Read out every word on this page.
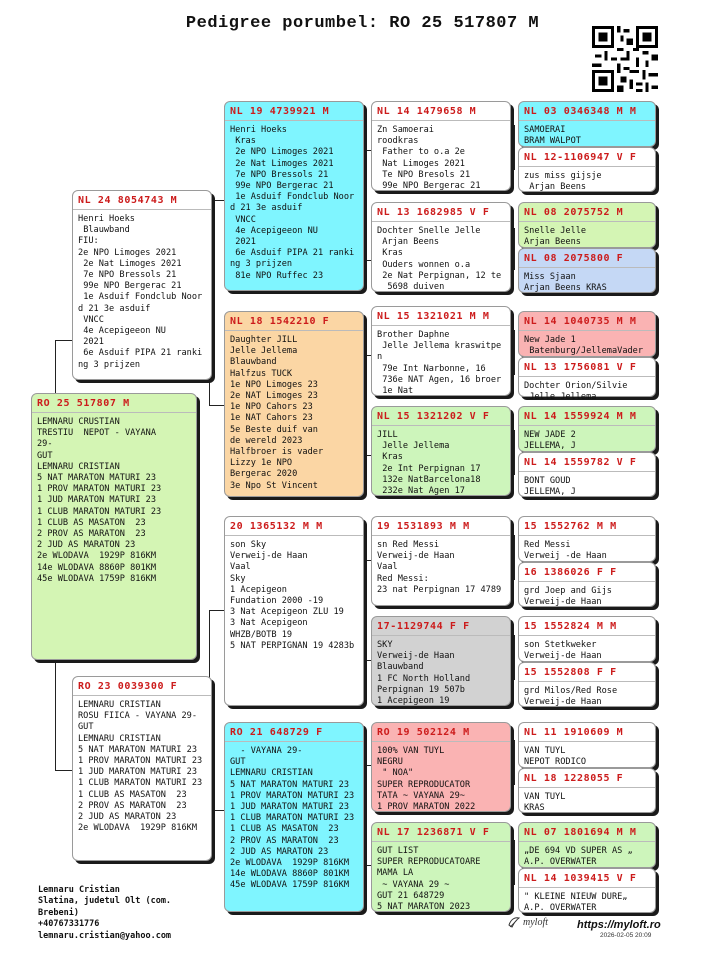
Pedigree porumbel: RO 25 517807 M
RO 25 517807 M
LEMNARU CRUSTIAN
TRESTIU  NEPOT - VAYANA
29-
GUT
LEMNARU CRISTIAN
5 NAT MARATON MATURI 23
1 PROV MARATON MATURI 23
1 JUD MARATON MATURI 23
1 CLUB MARATON MATURI 23
1 CLUB AS MASATON  23
2 PROV AS MARATON  23
2 JUD AS MARATON 23
2e WLODAVA  1929P 816KM
14e WLODAVA 8860P 801KM
45e WLODAVA 1759P 816KM
NL 24 8054743 M
Henri Hoeks
Blauwband
FIU:
2e NPO Limoges 2021
2e Nat Limoges 2021
7e NPO Bressols 21
99e NPO Bergerac 21
1e Asduif Fondclub Noor
d 21 3e asduif
VNCC
4e Acepigeeon NU
2021
6e Asduif PIPA 21 ranki
ng 3 prijzen
RO 23 0039300 F
LEMNARU CRISTIAN
ROSU FIICA - VAYANA 29-
GUT
LEMNARU CRISTIAN
5 NAT MARATON MATURI 23
1 PROV MARATON MATURI 23
1 JUD MARATON MATURI 23
1 CLUB MARATON MATURI 23
1 CLUB AS MASATON  23
2 PROV AS MARATON  23
2 JUD AS MARATON 23
2e WLODAVA  1929P 816KM
NL 19 4739921 M
Henri Hoeks
Kras
2e NPO Limoges 2021
2e Nat Limoges 2021
7e NPO Bressols 21
99e NPO Bergerac 21
1e Asduif Fondclub Noor
d 21 3e asduif
VNCC
4e Acepigeeon NU
2021
6e Asduif PIPA 21 ranki
ng 3 prijzen
81e NPO Ruffec 23
NL 18 1542210 F
Daughter JILL
Jelle Jellema
Blauwband
Halfzus TUCK
1e NPO Limoges 23
2e NAT Limoges 23
1e NPO Cahors 23
1e NAT Cahors 23
5e Beste duif van
de wereld 2023
Halfbroer is vader
Lizzy 1e NPO
Bergerac 2020
3e Npo St Vincent
20 1365132 M M
son Sky
Verweij-de Haan
Vaal
Sky
1 Acepigeon
Fundation 2000 -19
3 Nat Acepigeon ZLU 19
3 Nat Acepigeon
WHZB/BOTB 19
5 NAT PERPIGNAN 19 4283b
RO 21 648729 F
- VAYANA 29-
GUT
LEMNARU CRISTIAN
5 NAT MARATON MATURI 23
1 PROV MARATON MATURI 23
1 JUD MARATON MATURI 23
1 CLUB MARATON MATURI 23
1 CLUB AS MASATON  23
2 PROV AS MARATON  23
2 JUD AS MARATON 23
2e WLODAVA  1929P 816KM
14e WLODAVA 8860P 801KM
45e WLODAVA 1759P 816KM
NL 14 1479658 M
Zn Samoerai
roodkras
Father to o.a 2e
Nat Limoges 2021
Te NPO Bresols 21
99e NPO Bergerac 21
NL 13 1682985 V F
Dochter Snelle Jelle
Arjan Beens
Kras
Ouders wonnen o.a
2e Nat Perpignan, 12 te
5698 duiven
NL 15 1321021 M M
Brother Daphne
Jelle Jellema kraswitpe
n
79e Int Narbonne, 16
736e NAT Agen, 16 broer
1e Nat
NL 15 1321202 V F
JILL
Jelle Jellema
Kras
2e Int Perpignan 17
132e NatBarcelona18
232e Nat Agen 17
19 1531893 M M
sn Red Messi
Verweij-de Haan
Vaal
Red Messi:
23 nat Perpignan 17 4789
17-1129744 F F
SKY
Verweij-de Haan
Blauwband
1 FC North Holland
Perpignan 19 507b
1 Acepigeon 19
RO 19 502124 M
100% VAN TUYL
NEGRU
" NOA"
SUPER REPRODUCATOR
TATA ~ VAYANA 29~
1 PROV MARATON 2022
NL 17 1236871 V F
GUT LIST
SUPER REPRODUCATOARE
MAMA LA
~ VAYANA 29 ~
GUT 21 648729
5 NAT MARATON 2023
NL 03 0346348 M M
SAMOERAI
BRAM WALPOT
NL 12-1106947 V F
zus miss gijsje
Arjan Beens
NL 08 2075752 M
Snelle Jelle
Arjan Beens
NL 08 2075800 F
Miss Sjaan
Arjan Beens KRAS
NL 14 1040735 M M
New Jade 1
Batenburg/JellemaVader
NL 13 1756081 V F
Dochter Orion/Silvie
Jelle Jellema
NL 14 1559924 M M
NEW JADE 2
JELLEMA, J
NL 14 1559782 V F
BONT GOUD
JELLEMA, J
15 1552762 M M
Red Messi
Verweij -de Haan
16 1386026 F F
grd Joep and Gijs
Verweij-de Haan
15 1552824 M M
son Stetkweker
Verweij-de Haan
15 1552808 F F
grd Milos/Red Rose
Verweij-de Haan
NL 11 1910609 M
VAN TUYL
NEPOT RODICO
NL 18 1228055 F
VAN TUYL
KRAS
NL 07 1801694 M M
„DE 694 VD SUPER AS „
A.P. OVERWATER
NL 14 1039415 V F
" KLEINE NIEUW DURE„
A.P. OVERWATER
Lemnaru Cristian
Slatina, judetul Olt (com.
Brebeni)
+40767331776
lemnaru.cristian@yahoo.com
myloft	https://myloft.ro
2026-02-05 20:09
